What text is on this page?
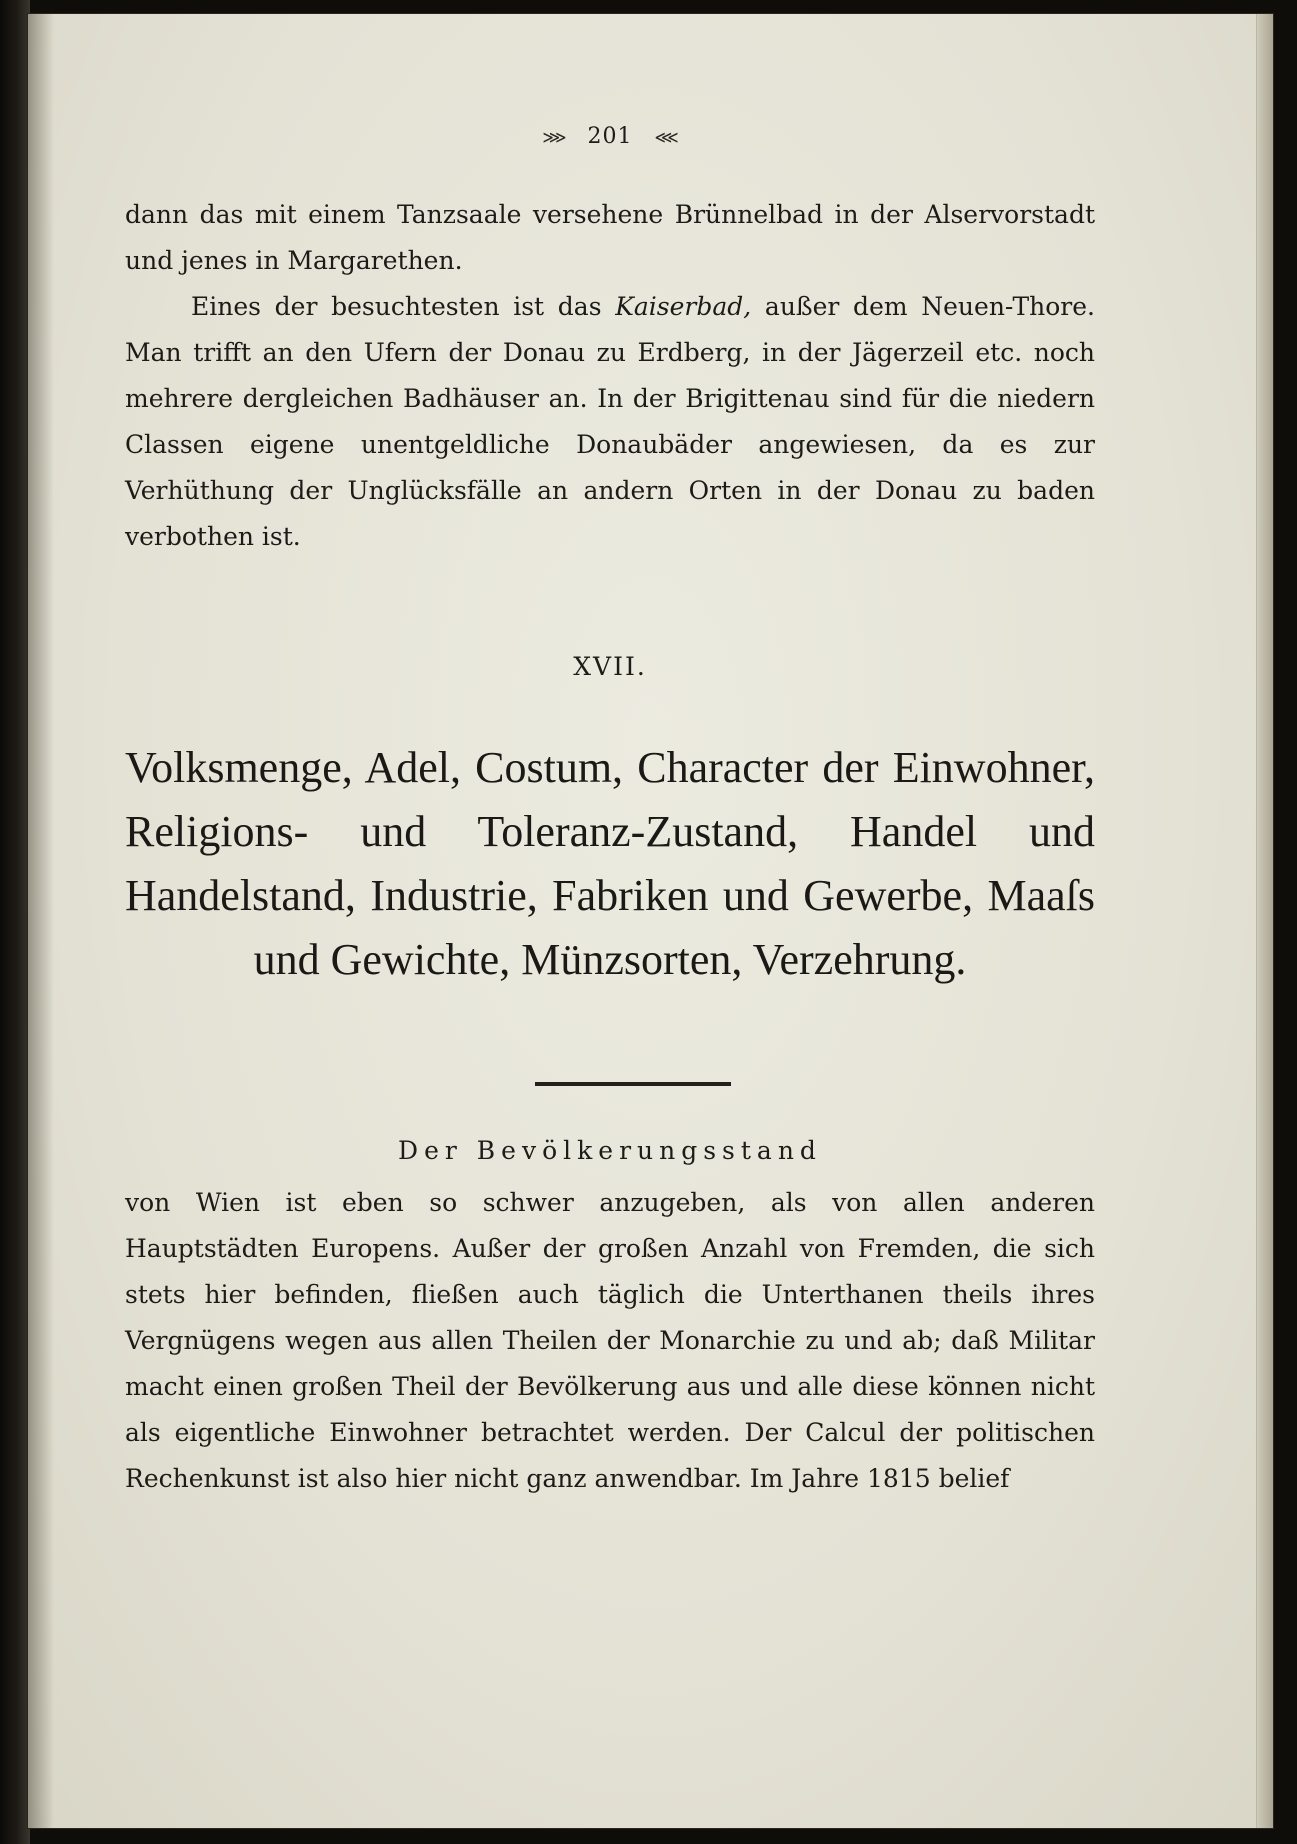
⋙ 201 ⋘

dann das mit einem Tanzsaale versehene Brünnelbad in der Alservorstadt und jenes in Margarethen.

Eines der besuchtesten ist das Kaiserbad, außer dem Neuen-Thore. Man trifft an den Ufern der Donau zu Erdberg, in der Jägerzeil etc. noch mehrere dergleichen Badhäuser an. In der Brigittenau sind für die niedern Classen eigene unentgeldliche Donaubäder angewiesen, da es zur Verhüthung der Unglücksfälle an andern Orten in der Donau zu baden verbothen ist.

XVII.
Volksmenge, Adel, Costum, Character der Einwohner, Religions- und Toleranz-Zustand, Handel und Handelstand, Industrie, Fabriken und Gewerbe, Maaſs und Gewichte, Münzsorten, Verzehrung.
Der Bevölkerungsstand

von Wien ist eben so schwer anzugeben, als von allen anderen Hauptstädten Europens. Außer der großen Anzahl von Fremden, die sich stets hier befinden, fließen auch täglich die Unterthanen theils ihres Vergnügens wegen aus allen Theilen der Monarchie zu und ab; daß Militar macht einen großen Theil der Bevölkerung aus und alle diese können nicht als eigentliche Einwohner betrachtet werden. Der Calcul der politischen Rechenkunst ist also hier nicht ganz anwendbar. Im Jahre 1815 belief
